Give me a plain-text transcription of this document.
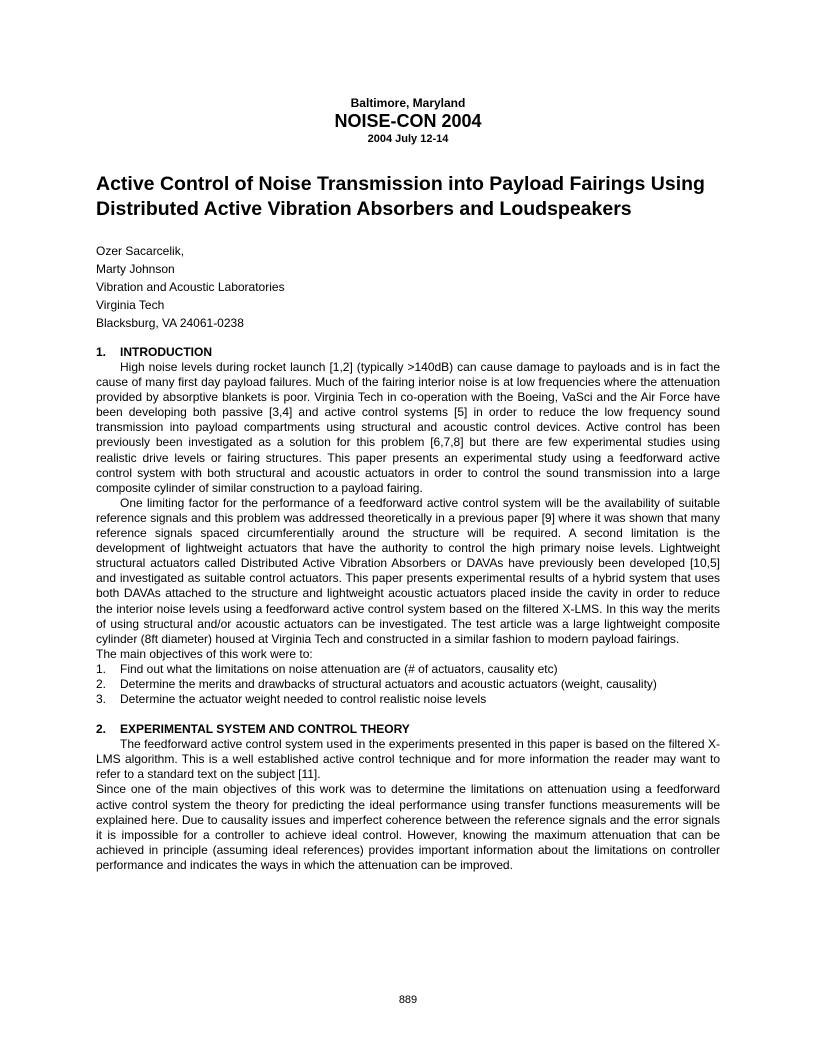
Baltimore, Maryland
NOISE-CON 2004
2004 July 12-14
Active Control of Noise Transmission into Payload Fairings Using Distributed Active Vibration Absorbers and Loudspeakers
Ozer Sacarcelik,
Marty Johnson
Vibration and Acoustic Laboratories
Virginia Tech
Blacksburg, VA 24061-0238
1. INTRODUCTION
High noise levels during rocket launch [1,2] (typically >140dB) can cause damage to payloads and is in fact the cause of many first day payload failures. Much of the fairing interior noise is at low frequencies where the attenuation provided by absorptive blankets is poor. Virginia Tech in co-operation with the Boeing, VaSci and the Air Force have been developing both passive [3,4] and active control systems [5] in order to reduce the low frequency sound transmission into payload compartments using structural and acoustic control devices. Active control has been previously been investigated as a solution for this problem [6,7,8] but there are few experimental studies using realistic drive levels or fairing structures. This paper presents an experimental study using a feedforward active control system with both structural and acoustic actuators in order to control the sound transmission into a large composite cylinder of similar construction to a payload fairing.
One limiting factor for the performance of a feedforward active control system will be the availability of suitable reference signals and this problem was addressed theoretically in a previous paper [9] where it was shown that many reference signals spaced circumferentially around the structure will be required. A second limitation is the development of lightweight actuators that have the authority to control the high primary noise levels. Lightweight structural actuators called Distributed Active Vibration Absorbers or DAVAs have previously been developed [10,5] and investigated as suitable control actuators. This paper presents experimental results of a hybrid system that uses both DAVAs attached to the structure and lightweight acoustic actuators placed inside the cavity in order to reduce the interior noise levels using a feedforward active control system based on the filtered X-LMS. In this way the merits of using structural and/or acoustic actuators can be investigated. The test article was a large lightweight composite cylinder (8ft diameter) housed at Virginia Tech and constructed in a similar fashion to modern payload fairings.
The main objectives of this work were to:
1.	Find out what the limitations on noise attenuation are (# of actuators, causality etc)
2.	Determine the merits and drawbacks of structural actuators and acoustic actuators (weight, causality)
3.	Determine the actuator weight needed to control realistic noise levels
2. EXPERIMENTAL SYSTEM AND CONTROL THEORY
The feedforward active control system used in the experiments presented in this paper is based on the filtered X-LMS algorithm. This is a well established active control technique and for more information the reader may want to refer to a standard text on the subject [11].
Since one of the main objectives of this work was to determine the limitations on attenuation using a feedforward active control system the theory for predicting the ideal performance using transfer functions measurements will be explained here. Due to causality issues and imperfect coherence between the reference signals and the error signals it is impossible for a controller to achieve ideal control. However, knowing the maximum attenuation that can be achieved in principle (assuming ideal references) provides important information about the limitations on controller performance and indicates the ways in which the attenuation can be improved.
889
